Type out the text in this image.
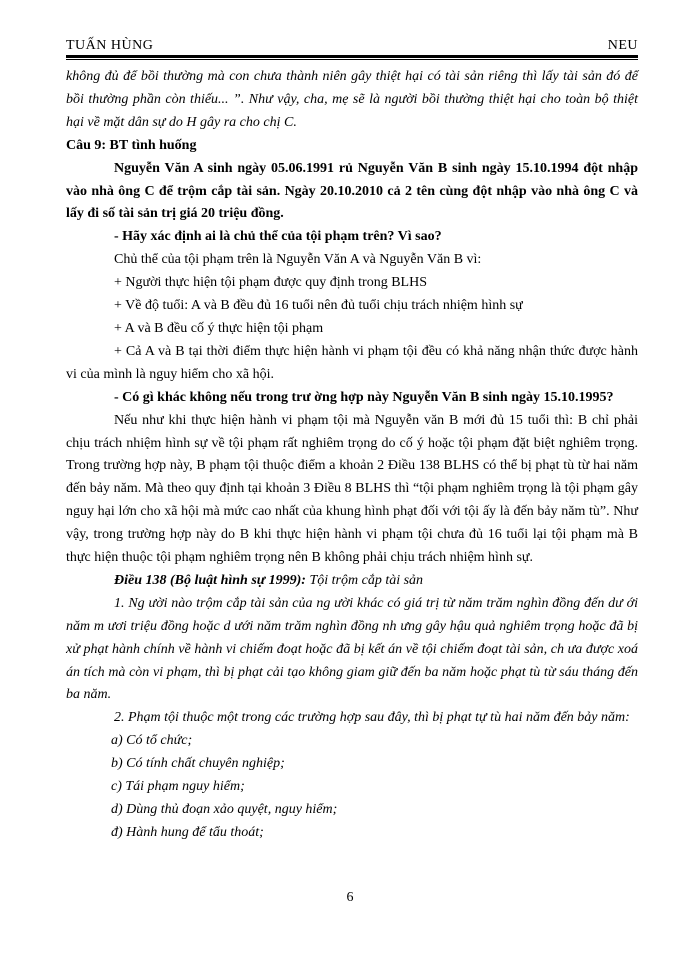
TUẤN HÙNG	NEU

không đủ để bồi thường mà con chưa thành niên gây thiệt hại có tài sản riêng thì lấy tài sản đó để bồi thường phần còn thiếu... ”. Như vậy, cha, mẹ sẽ là người bồi thường thiệt hại cho toàn bộ thiệt hại về mặt dân sự do H gây ra cho chị C.

Câu 9: BT tình huống

Nguyễn Văn A sinh ngày 05.06.1991 rủ Nguyễn Văn B sinh ngày 15.10.1994 đột nhập vào nhà ông C để trộm cắp tài sản. Ngày 20.10.2010 cả 2 tên cùng đột nhập vào nhà ông C và lấy đi số tài sản trị giá 20 triệu đồng.

- Hãy xác định ai là chủ thể của tội phạm trên? Vì sao?

Chủ thể của tội phạm trên là Nguyễn Văn A và Nguyễn Văn B vì:

+ Người thực hiện tội phạm được quy định trong BLHS

+ Về độ tuổi: A và B đều đủ 16 tuổi nên đủ tuổi chịu trách nhiệm hình sự

+ A và B đều cố ý thực hiện tội phạm

+ Cả A và B tại thời điểm thực hiện hành vi phạm tội đều có khả năng nhận thức được hành vi của mình là nguy hiểm cho xã hội.

- Có gì khác không nếu trong trư ờng hợp này Nguyễn Văn B sinh ngày 15.10.1995?

Nếu như khi thực hiện hành vi phạm tội mà Nguyễn văn B mới đủ 15 tuổi thì: B chỉ phải chịu trách nhiệm hình sự về tội phạm rất nghiêm trọng do cố ý hoặc tội phạm đặt biệt nghiêm trọng. Trong trường hợp này, B phạm tội thuộc điểm a khoản 2 Điều 138 BLHS có thể bị phạt tù từ hai năm đến bảy năm. Mà theo quy định tại khoản 3 Điều 8 BLHS thì “tội phạm nghiêm trọng là tội phạm gây nguy hại lớn cho xã hội mà mức cao nhất của khung hình phạt đối với tội ấy là đến bảy năm tù”. Như vậy, trong trường hợp này do B khi thực hiện hành vi phạm tội chưa đủ 16 tuổi lại tội phạm mà B thực hiện thuộc tội phạm nghiêm trọng nên B không phải chịu trách nhiệm hình sự.

Điều 138 (Bộ luật hình sự 1999): Tội trộm cắp tài sản

1. Ng ười nào trộm cắp tài sản của ng ười khác có giá trị từ năm trăm nghìn đồng đến dư ới năm m ươi triệu đồng hoặc d ưới năm trăm nghìn đồng nh ưng gây hậu quả nghiêm trọng hoặc đã bị xử phạt hành chính về hành vi chiếm đoạt hoặc đã bị kết án về tội chiếm đoạt tài sản, ch ưa được xoá án tích mà còn vi phạm, thì bị phạt cải tạo không giam giữ đến ba năm hoặc phạt tù từ sáu tháng đến ba năm.

2. Phạm tội thuộc một trong các trường hợp sau đây, thì bị phạt tự tù hai năm đến bảy năm:

a) Có tổ chức;

b) Có tính chất chuyên nghiệp;

c) Tái phạm nguy hiểm;

d) Dùng thủ đoạn xảo quyệt, nguy hiểm;

đ) Hành hung để tẩu thoát;

6
